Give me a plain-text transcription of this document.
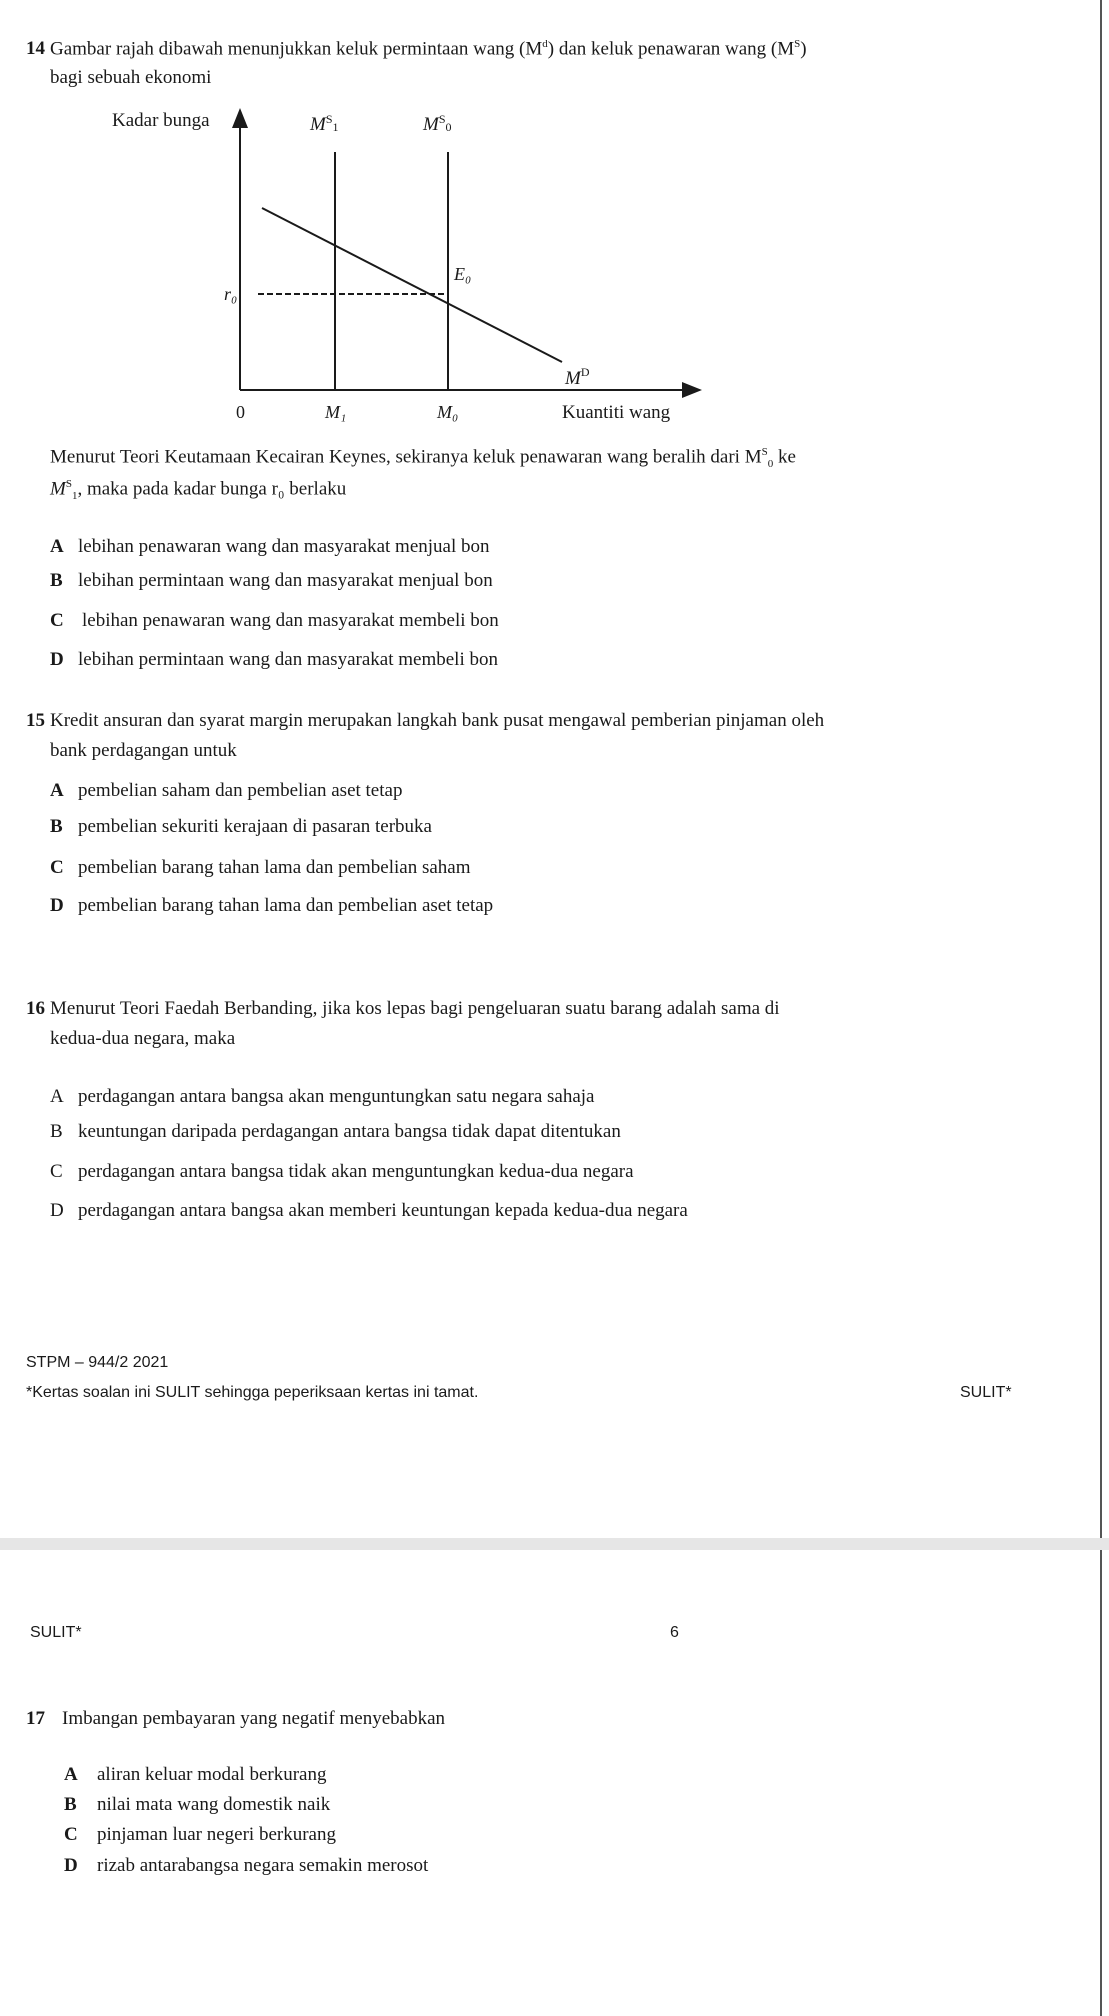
14 Gambar rajah dibawah menunjukkan keluk permintaan wang $(M^d)$ dan keluk penawaran wang $(M^S)$
bagi sebuah ekonomi
Kadar bunga	$M^S_1$	$M^S_0$
E₀
r₀
$M^D$
0	M₁	M₀	Kuantiti wang
Menurut Teori Keutamaan Kecairan Keynes, sekiranya keluk penawaran wang beralih dari $M^S_0$ ke
$M^S_1$, maka pada kadar bunga r₀ berlaku
A lebihan penawaran wang dan masyarakat menjual bon
B lebihan permintaan wang dan masyarakat menjual bon
C lebihan penawaran wang dan masyarakat membeli bon
D lebihan permintaan wang dan masyarakat membeli bon
15 Kredit ansuran dan syarat margin merupakan langkah bank pusat mengawal pemberian pinjaman oleh
bank perdagangan untuk
A pembelian saham dan pembelian aset tetap
B pembelian sekuriti kerajaan di pasaran terbuka
C pembelian barang tahan lama dan pembelian saham
D pembelian barang tahan lama dan pembelian aset tetap
16 Menurut Teori Faedah Berbanding, jika kos lepas bagi pengeluaran suatu barang adalah sama di
kedua-dua negara, maka
A perdagangan antara bangsa akan menguntungkan satu negara sahaja
B keuntungan daripada perdagangan antara bangsa tidak dapat ditentukan
C perdagangan antara bangsa tidak akan menguntungkan kedua-dua negara
D perdagangan antara bangsa akan memberi keuntungan kepada kedua-dua negara
STPM – 944/2 2021
*Kertas soalan ini SULIT sehingga peperiksaan kertas ini tamat.	SULIT*
SULIT*	6
17 Imbangan pembayaran yang negatif menyebabkan
A aliran keluar modal berkurang
B nilai mata wang domestik naik
C pinjaman luar negeri berkurang
D rizab antarabangsa negara semakin merosot
